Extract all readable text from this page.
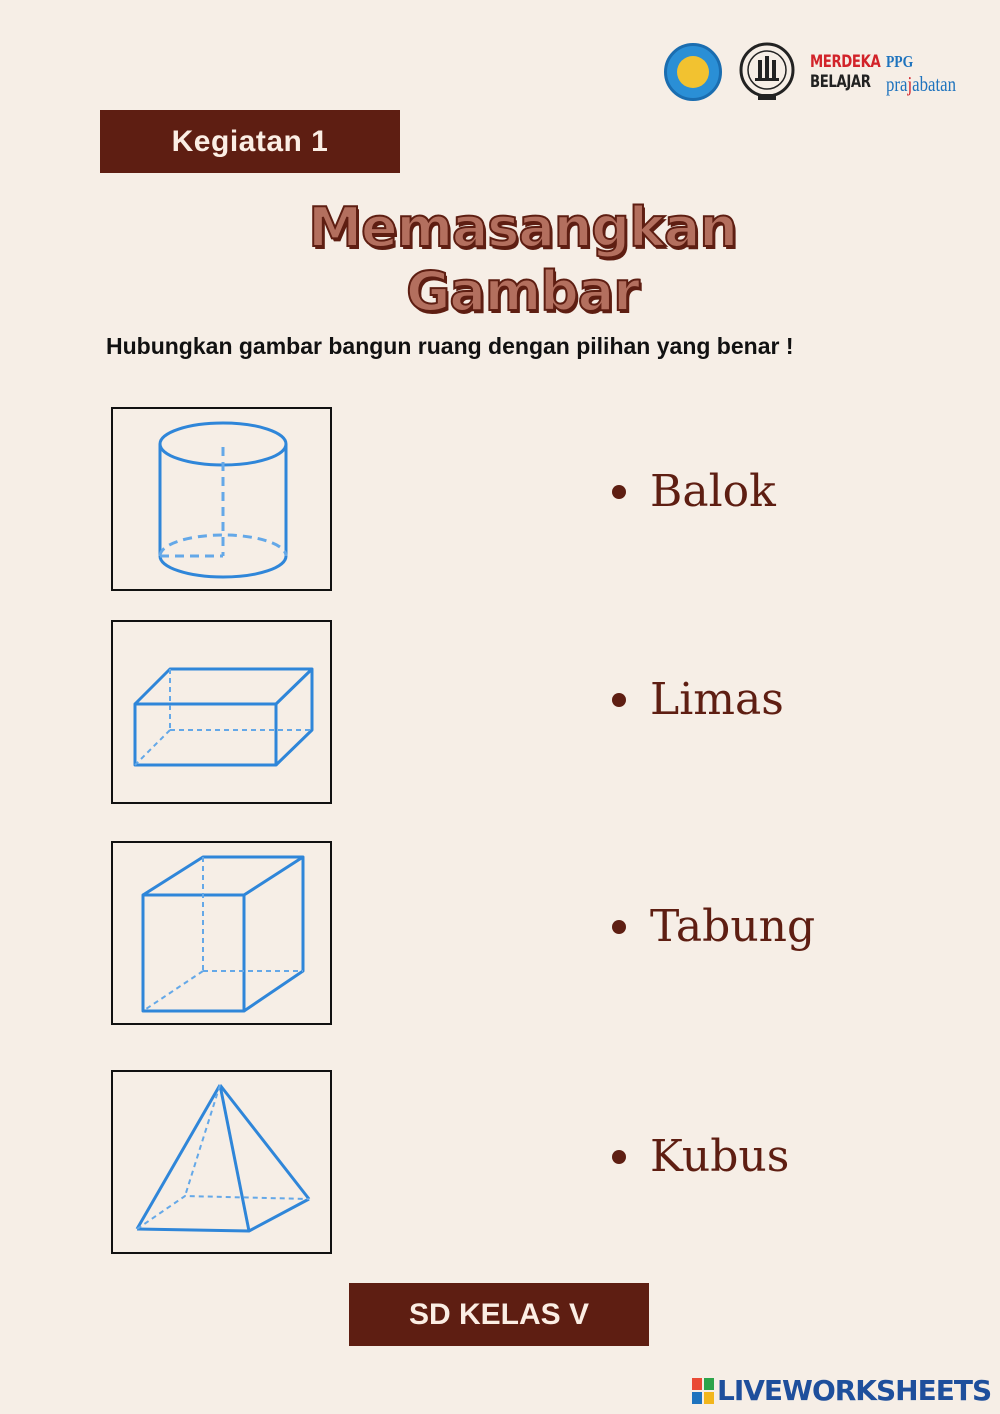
MERDEKA
BELAJAR
PPG
prajabatan
Kegiatan 1
Memasangkan
Gambar
Hubungkan gambar bangun ruang dengan pilihan yang benar !
Balok
Limas
Tabung
Kubus
SD KELAS V
LIVEWORKSHEETS
